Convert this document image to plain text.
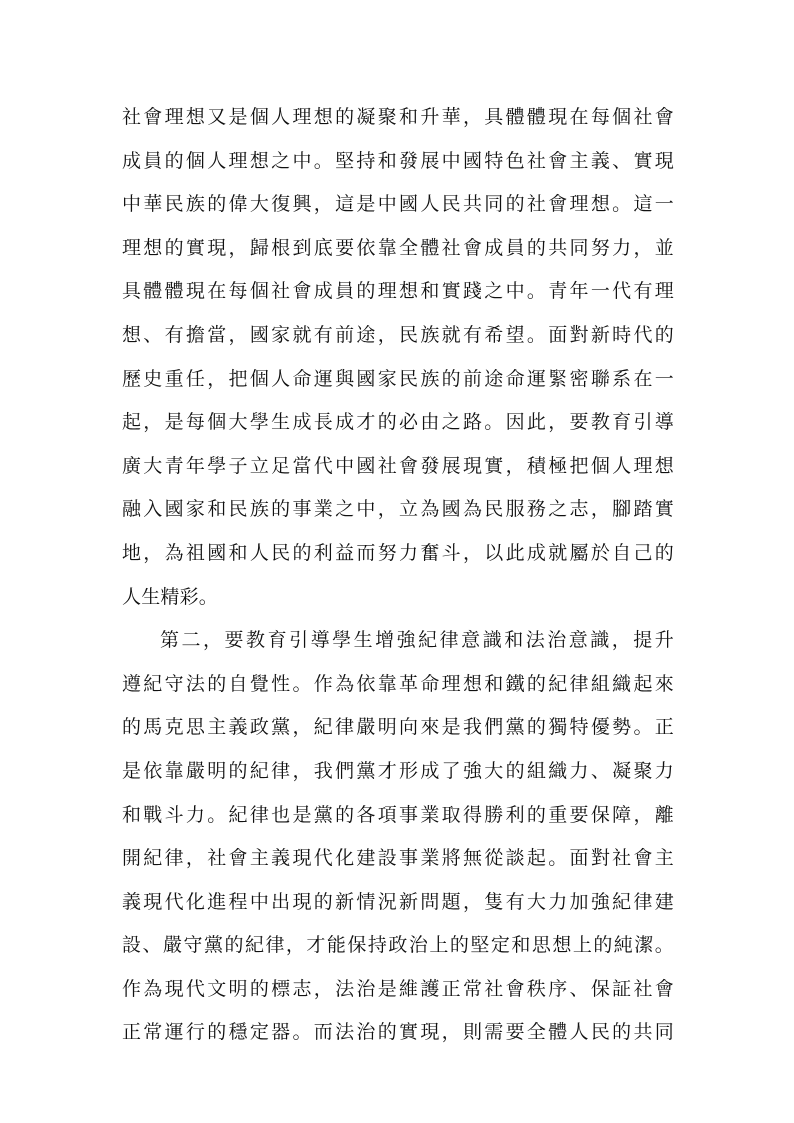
社會理想又是個人理想的凝聚和升華，具體體現在每個社會
成員的個人理想之中。堅持和發展中國特色社會主義、實現
中華民族的偉大復興，這是中國人民共同的社會理想。這一
理想的實現，歸根到底要依靠全體社會成員的共同努力，並
具體體現在每個社會成員的理想和實踐之中。青年一代有理
想、有擔當，國家就有前途，民族就有希望。面對新時代的
歷史重任，把個人命運與國家民族的前途命運緊密聯系在一
起，是每個大學生成長成才的必由之路。因此，要教育引導
廣大青年學子立足當代中國社會發展現實，積極把個人理想
融入國家和民族的事業之中，立為國為民服務之志，腳踏實
地，為祖國和人民的利益而努力奮斗，以此成就屬於自己的
人生精彩。
第二，要教育引導學生增強紀律意識和法治意識，提升
遵紀守法的自覺性。作為依靠革命理想和鐵的紀律組織起來
的馬克思主義政黨，紀律嚴明向來是我們黨的獨特優勢。正
是依靠嚴明的紀律，我們黨才形成了強大的組織力、凝聚力
和戰斗力。紀律也是黨的各項事業取得勝利的重要保障，離
開紀律，社會主義現代化建設事業將無從談起。面對社會主
義現代化進程中出現的新情況新問題，隻有大力加強紀律建
設、嚴守黨的紀律，才能保持政治上的堅定和思想上的純潔。
作為現代文明的標志，法治是維護正常社會秩序、保証社會
正常運行的穩定器。而法治的實現，則需要全體人民的共同
